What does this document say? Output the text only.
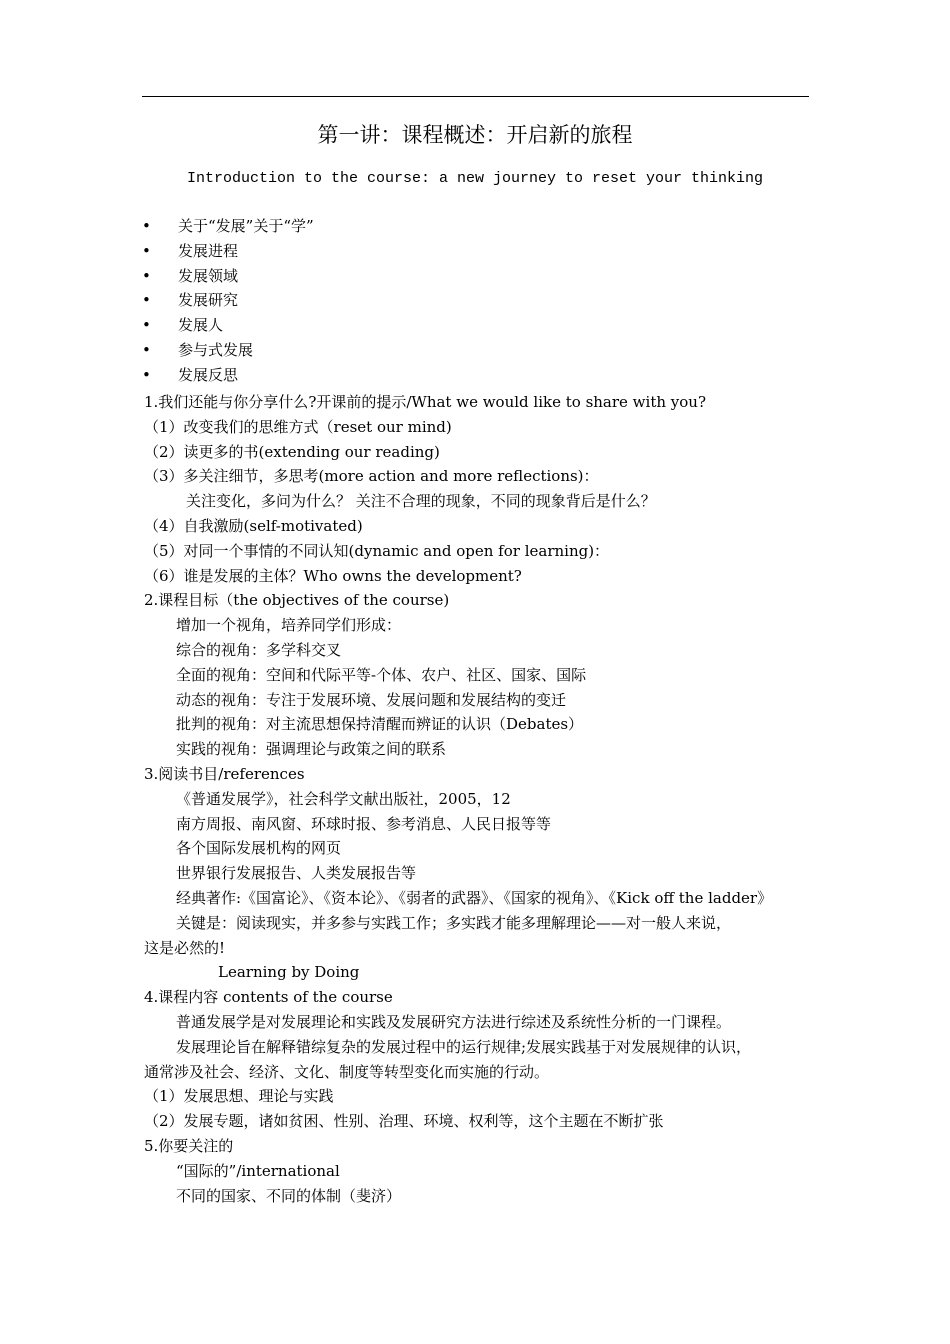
第一讲：课程概述：开启新的旅程
Introduction to the course: a new journey to reset your thinking
• 关于“发展”关于“学”
• 发展进程
• 发展领域
• 发展研究
• 发展人
• 参与式发展
• 发展反思
1.我们还能与你分享什么?开课前的提示/What we would like to share with you?
（1）改变我们的思维方式（reset our mind)
（2）读更多的书(extending our reading)
（3）多关注细节，多思考(more action and more reflections)：
关注变化，多问为什么？ 关注不合理的现象，不同的现象背后是什么？
（4）自我激励(self-motivated)
（5）对同一个事情的不同认知(dynamic and open for learning)：
（6）谁是发展的主体？Who owns the development?
2.课程目标（the objectives of the course)
增加一个视角，培养同学们形成：
综合的视角：多学科交叉
全面的视角：空间和代际平等-个体、农户、社区、国家、国际
动态的视角：专注于发展环境、发展问题和发展结构的变迁
批判的视角：对主流思想保持清醒而辨证的认识（Debates）
实践的视角：强调理论与政策之间的联系
3.阅读书目/references
《普通发展学》，社会科学文献出版社，2005，12
南方周报、南风窗、环球时报、参考消息、人民日报等等
各个国际发展机构的网页
世界银行发展报告、人类发展报告等
经典著作:《国富论》、《资本论》、《弱者的武器》、《国家的视角》、《Kick off the ladder》
关键是：阅读现实，并多参与实践工作；多实践才能多理解理论——对一般人来说，
这是必然的!
Learning by Doing
4.课程内容 contents of the course
普通发展学是对发展理论和实践及发展研究方法进行综述及系统性分析的一门课程。
发展理论旨在解释错综复杂的发展过程中的运行规律;发展实践基于对发展规律的认识，
通常涉及社会、经济、文化、制度等转型变化而实施的行动。
（1）发展思想、理论与实践
（2）发展专题，诸如贫困、性别、治理、环境、权利等，这个主题在不断扩张
5.你要关注的
“国际的”/international
不同的国家、不同的体制（斐济）
